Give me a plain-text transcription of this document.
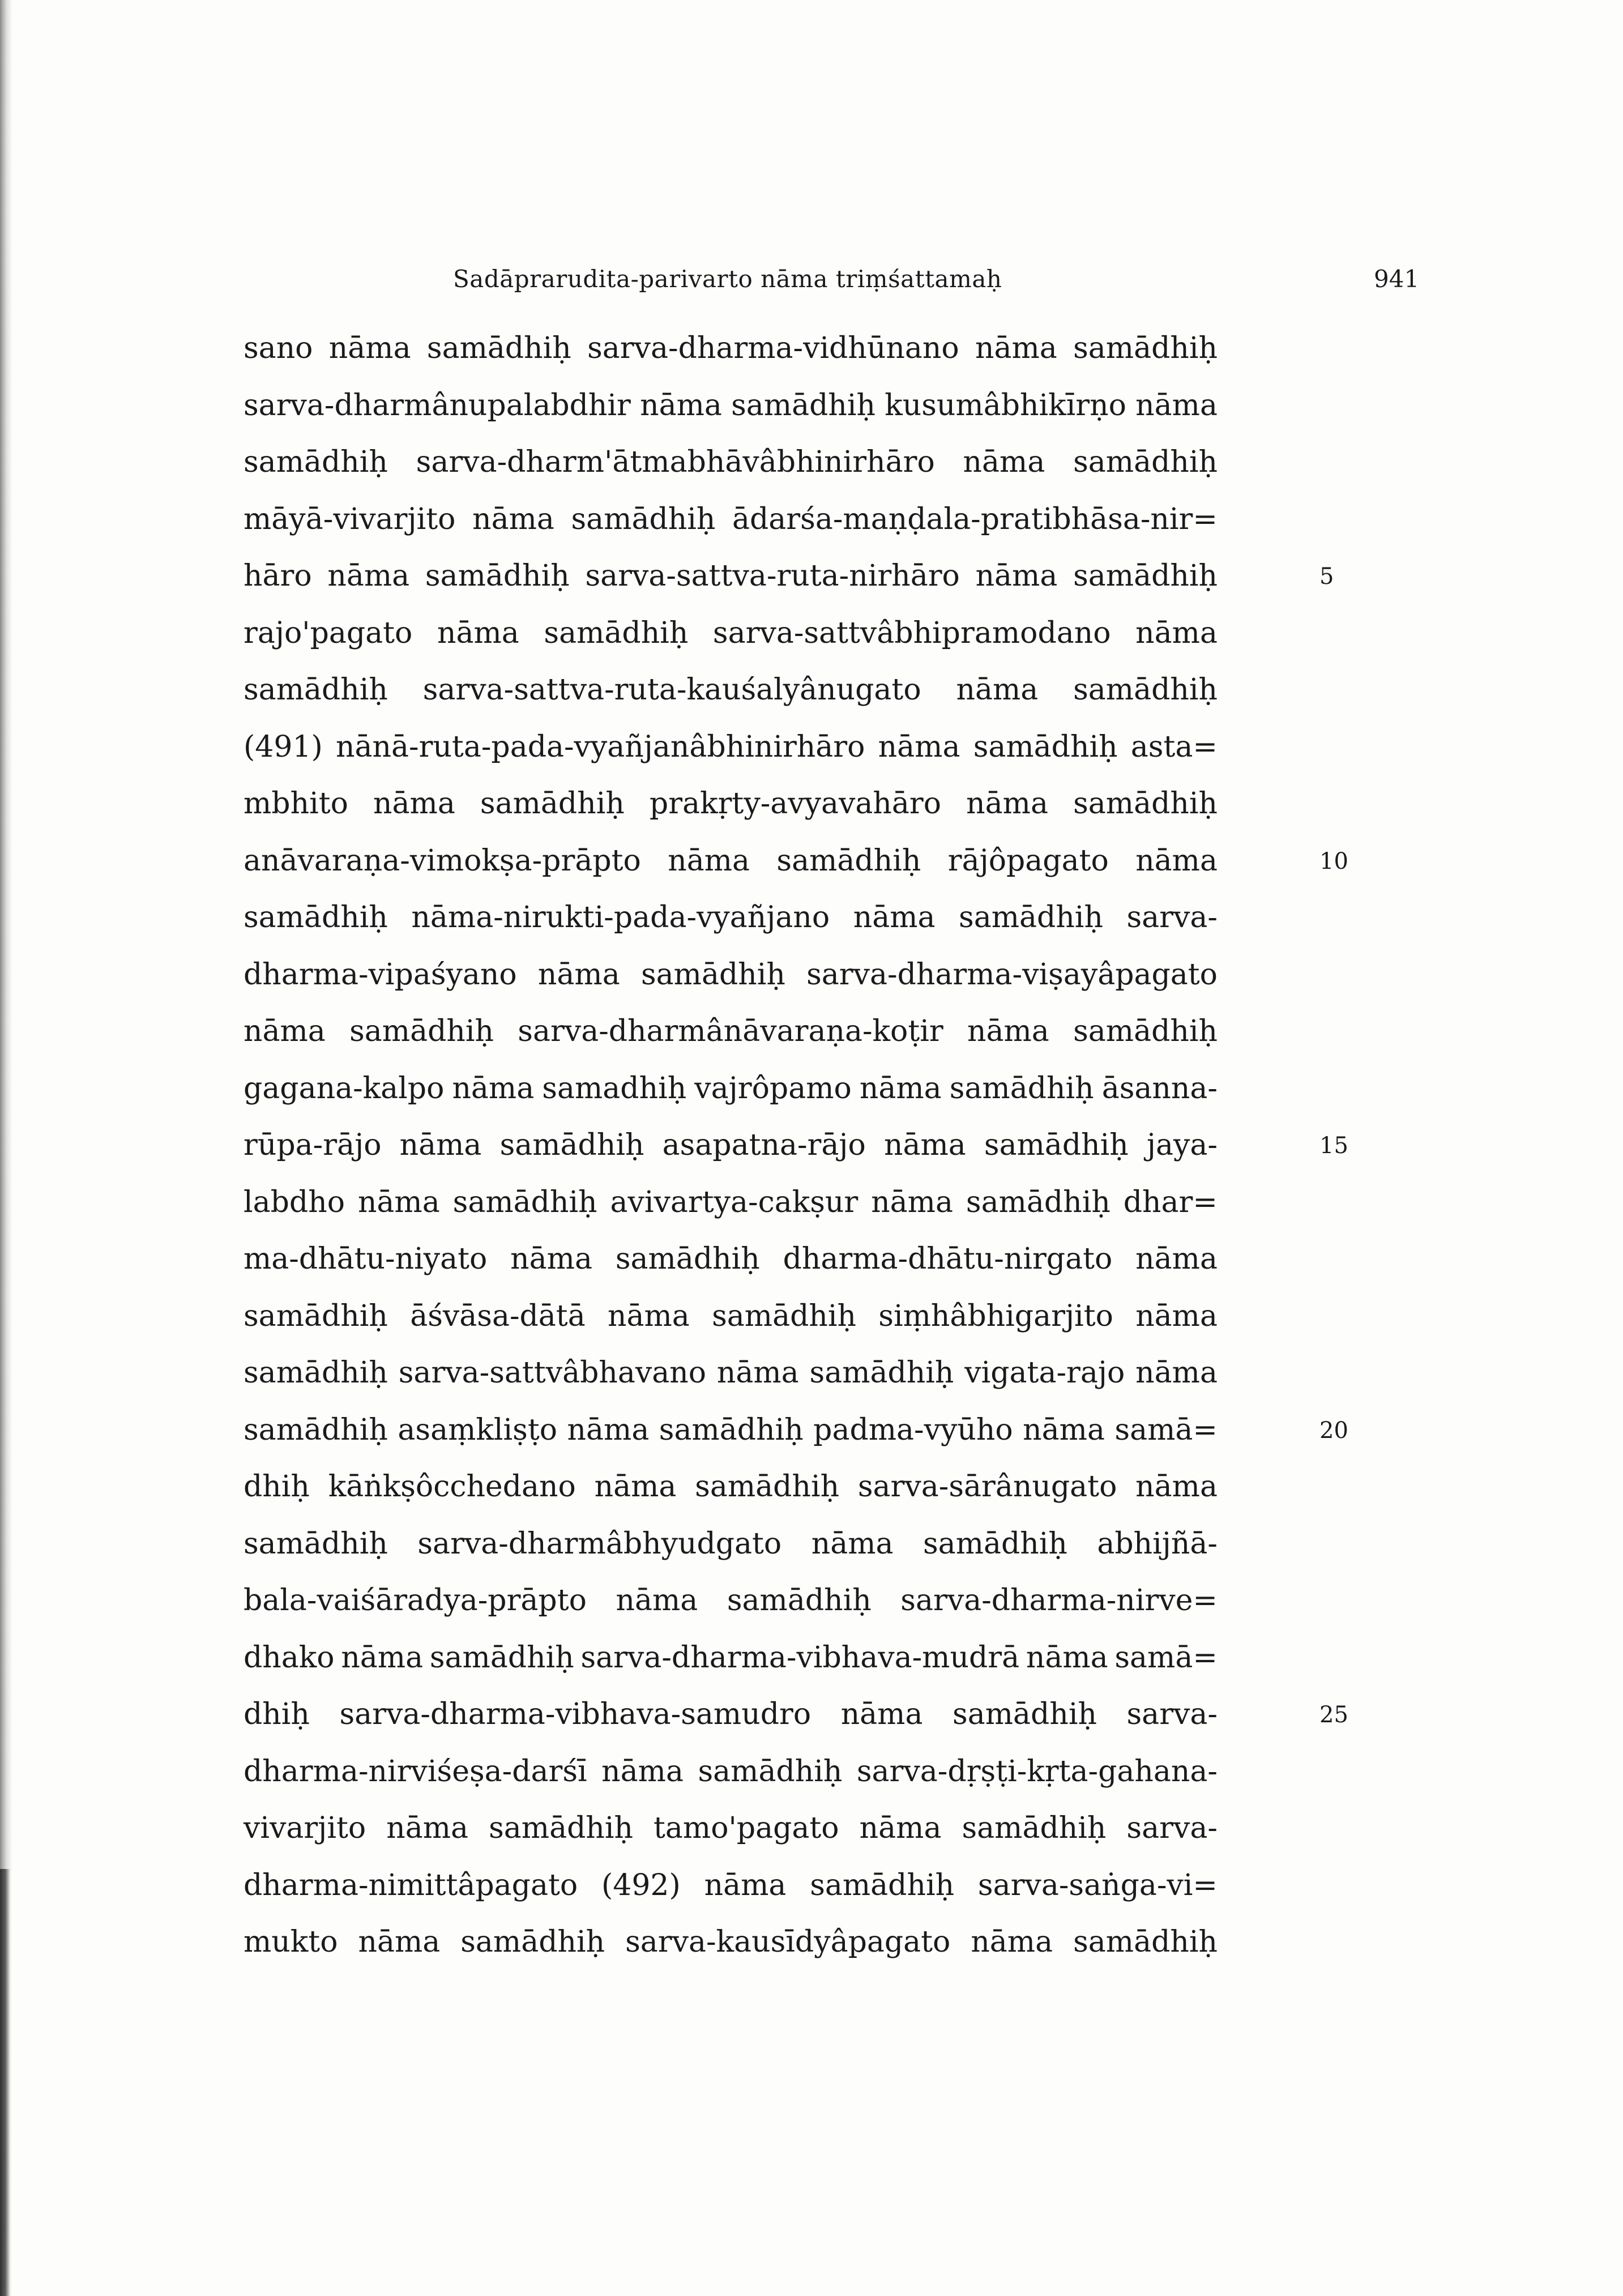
Sadāprarudita-parivarto nāma triṃśattamaḥ	941
sano nāma samādhiḥ sarva-dharma-vidhūnano nāma samādhiḥ
sarva-dharmânupalabdhir nāma samādhiḥ kusumâbhikīrṇo nāma
samādhiḥ sarva-dharm'ātmabhāvâbhinirhāro nāma samādhiḥ
māyā-vivarjito nāma samādhiḥ ādarśa-maṇḍala-pratibhāsa-nir=
hāro nāma samādhiḥ sarva-sattva-ruta-nirhāro nāma samādhiḥ
rajo'pagato nāma samādhiḥ sarva-sattvâbhipramodano nāma
samādhiḥ sarva-sattva-ruta-kauśalyânugato nāma samādhiḥ
(491) nānā-ruta-pada-vyañjanâbhinirhāro nāma samādhiḥ asta=
mbhito nāma samādhiḥ prakṛty-avyavahāro nāma samādhiḥ
anāvaraṇa-vimokṣa-prāpto nāma samādhiḥ rājôpagato nāma
samādhiḥ nāma-nirukti-pada-vyañjano nāma samādhiḥ sarva-
dharma-vipaśyano nāma samādhiḥ sarva-dharma-viṣayâpagato
nāma samādhiḥ sarva-dharmânāvaraṇa-koṭir nāma samādhiḥ
gagana-kalpo nāma samadhiḥ vajrôpamo nāma samādhiḥ āsanna-
rūpa-rājo nāma samādhiḥ asapatna-rājo nāma samādhiḥ jaya-
labdho nāma samādhiḥ avivartya-cakṣur nāma samādhiḥ dhar=
ma-dhātu-niyato nāma samādhiḥ dharma-dhātu-nirgato nāma
samādhiḥ āśvāsa-dātā nāma samādhiḥ siṃhâbhigarjito nāma
samādhiḥ sarva-sattvâbhavano nāma samādhiḥ vigata-rajo nāma
samādhiḥ asaṃkliṣṭo nāma samādhiḥ padma-vyūho nāma samā=
dhiḥ kāṅkṣôcchedano nāma samādhiḥ sarva-sārânugato nāma
samādhiḥ sarva-dharmâbhyudgato nāma samādhiḥ abhijñā-
bala-vaiśāradya-prāpto nāma samādhiḥ sarva-dharma-nirve=
dhako nāma samādhiḥ sarva-dharma-vibhava-mudrā nāma samā=
dhiḥ sarva-dharma-vibhava-samudro nāma samādhiḥ sarva-
dharma-nirviśeṣa-darśī nāma samādhiḥ sarva-dṛṣṭi-kṛta-gahana-
vivarjito nāma samādhiḥ tamo'pagato nāma samādhiḥ sarva-
dharma-nimittâpagato (492) nāma samādhiḥ sarva-saṅga-vi=
mukto nāma samādhiḥ sarva-kausīdyâpagato nāma samādhiḥ
5
10
15
20
25
